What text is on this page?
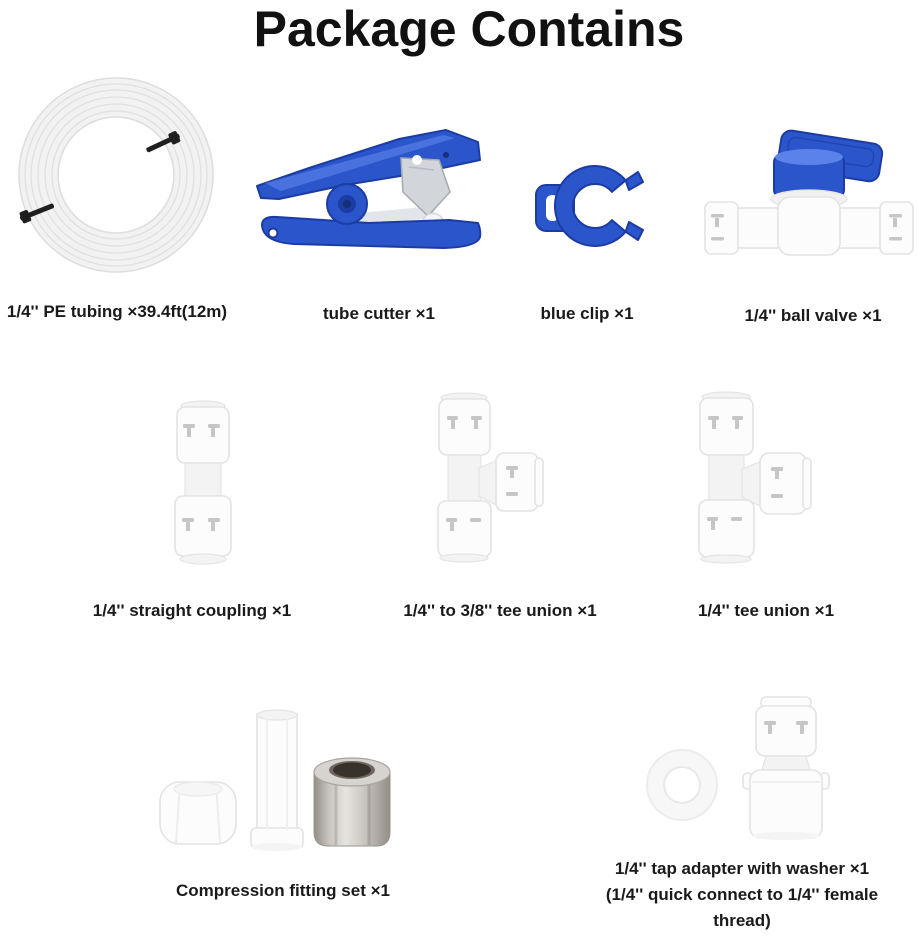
Package Contains
1/4'' PE tubing ×39.4ft(12m)	tube cutter ×1	blue clip ×1	1/4'' ball valve ×1
1/4'' straight coupling ×1	1/4'' to 3/8'' tee union ×1	1/4'' tee union ×1
Compression fitting set ×1
1/4'' tap adapter with washer ×1
(1/4'' quick connect to 1/4'' female
thread)
